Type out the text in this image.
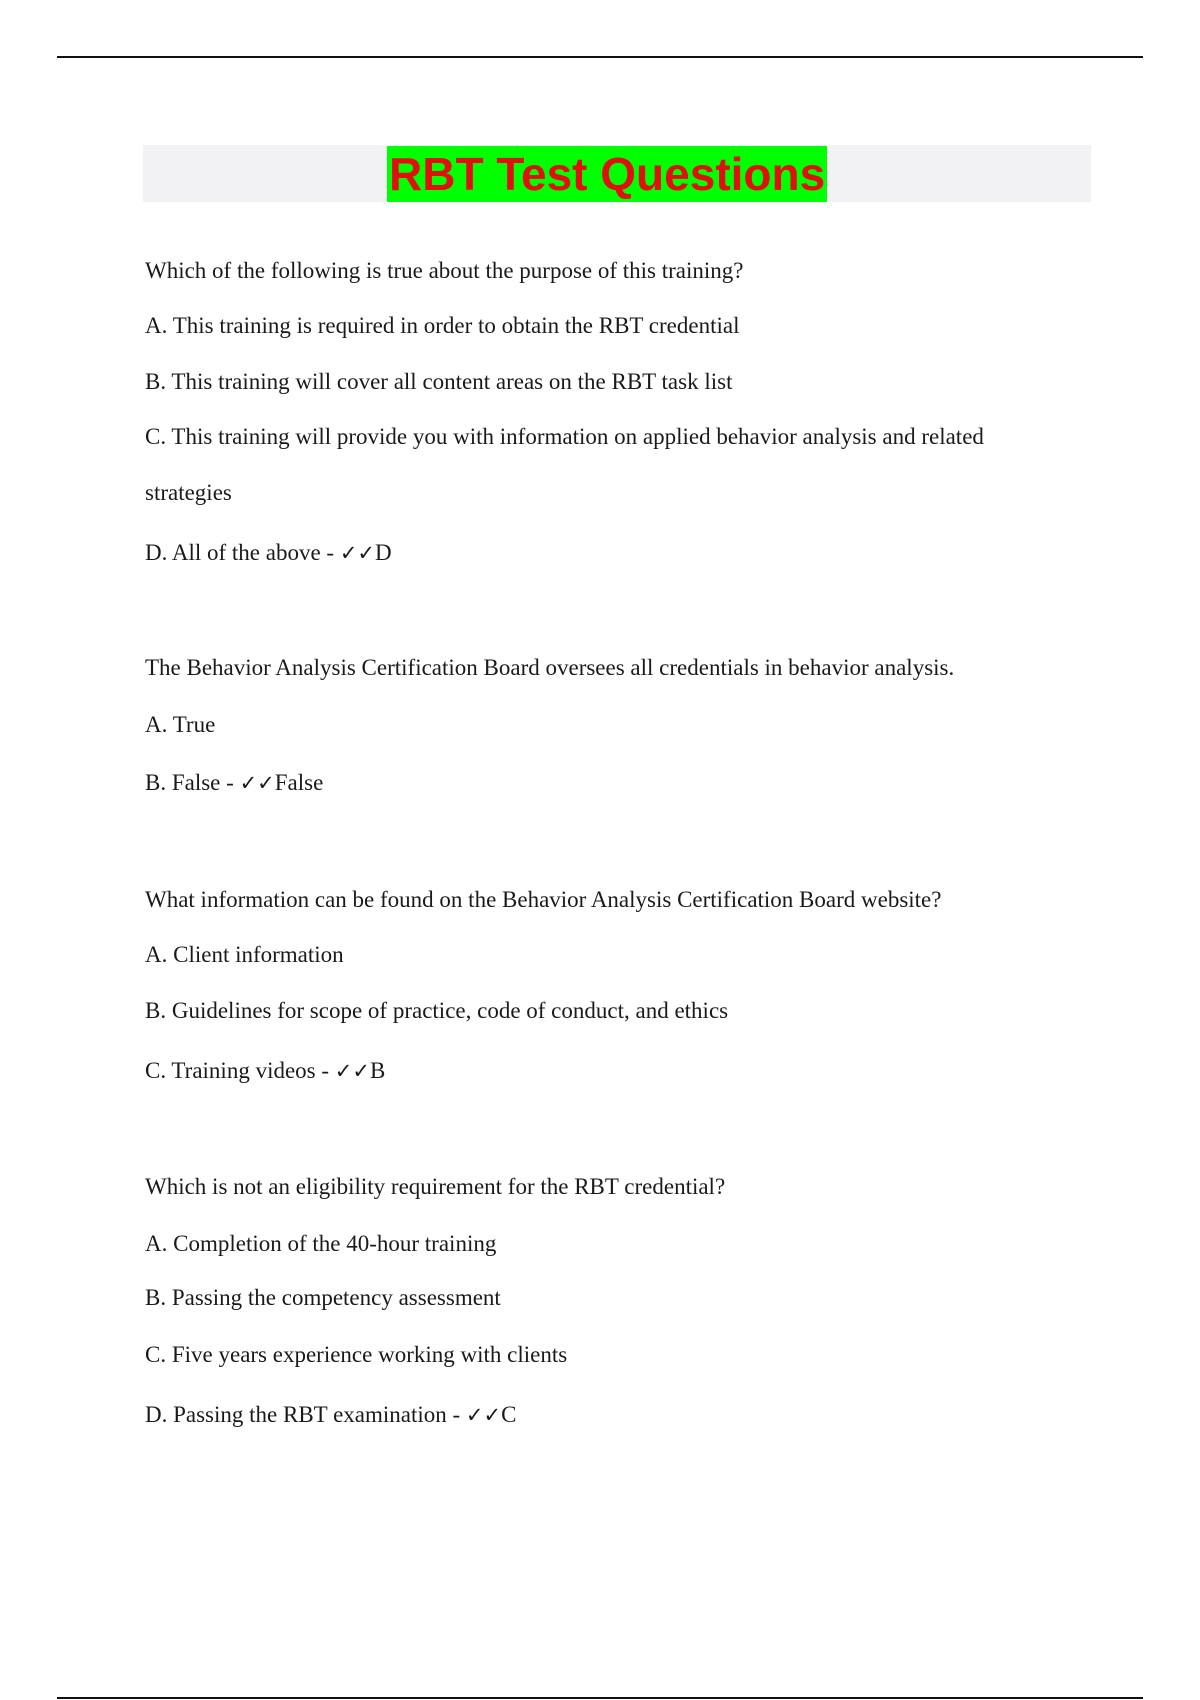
RBT Test Questions
Which of the following is true about the purpose of this training?
A. This training is required in order to obtain the RBT credential
B. This training will cover all content areas on the RBT task list
C. This training will provide you with information on applied behavior analysis and related
strategies
D. All of the above - ✓✓D
The Behavior Analysis Certification Board oversees all credentials in behavior analysis.
A. True
B. False - ✓✓False
What information can be found on the Behavior Analysis Certification Board website?
A. Client information
B. Guidelines for scope of practice, code of conduct, and ethics
C. Training videos - ✓✓B
Which is not an eligibility requirement for the RBT credential?
A. Completion of the 40-hour training
B. Passing the competency assessment
C. Five years experience working with clients
D. Passing the RBT examination - ✓✓C
